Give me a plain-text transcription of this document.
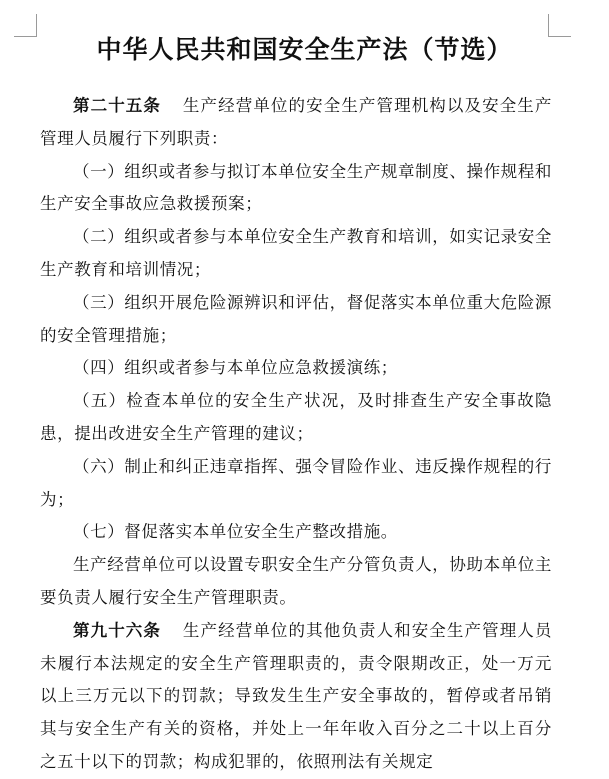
中华人民共和国安全生产法（节选）

第二十五条 生产经营单位的安全生产管理机构以及安全生产管理人员履行下列职责：

（一）组织或者参与拟订本单位安全生产规章制度、操作规程和生产安全事故应急救援预案；

（二）组织或者参与本单位安全生产教育和培训，如实记录安全生产教育和培训情况；

（三）组织开展危险源辨识和评估，督促落实本单位重大危险源的安全管理措施；

（四）组织或者参与本单位应急救援演练；

（五）检查本单位的安全生产状况，及时排查生产安全事故隐患，提出改进安全生产管理的建议；

（六）制止和纠正违章指挥、强令冒险作业、违反操作规程的行为；

（七）督促落实本单位安全生产整改措施。

生产经营单位可以设置专职安全生产分管负责人，协助本单位主要负责人履行安全生产管理职责。

第九十六条 生产经营单位的其他负责人和安全生产管理人员未履行本法规定的安全生产管理职责的，责令限期改正，处一万元以上三万元以下的罚款；导致发生生产安全事故的，暂停或者吊销其与安全生产有关的资格，并处上一年年收入百分之二十以上百分之五十以下的罚款；构成犯罪的，依照刑法有关规定
